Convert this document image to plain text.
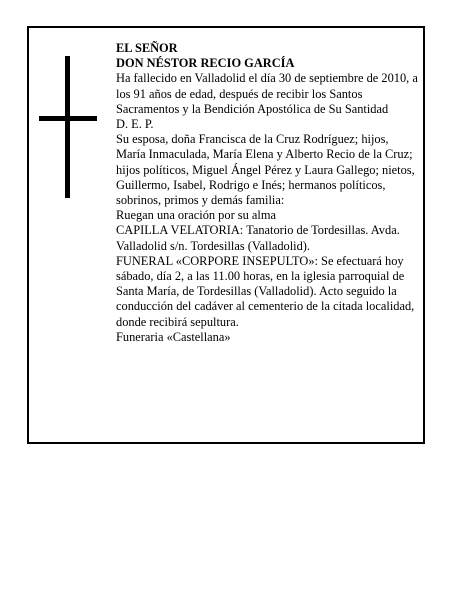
EL SEÑOR

DON NÉSTOR RECIO GARCÍA

Ha fallecido en Valladolid el día 30 de septiembre de 2010, a los 91 años de edad, después de recibir los Santos Sacramentos y la Bendición Apostólica de Su Santidad

D. E. P.

Su esposa, doña Francisca de la Cruz Rodríguez; hijos, María Inmaculada, María Elena y Alberto Recio de la Cruz; hijos políticos, Miguel Ángel Pérez y Laura Gallego; nietos, Guillermo, Isabel, Rodrigo e Inés; hermanos políticos, sobrinos, primos y demás familia:

Ruegan una oración por su alma

CAPILLA VELATORIA: Tanatorio de Tordesillas. Avda. Valladolid s/n. Tordesillas (Valladolid).

FUNERAL «CORPORE INSEPULTO»: Se efectuará hoy sábado, día 2, a las 11.00 horas, en la iglesia parroquial de Santa María, de Tordesillas (Valladolid). Acto seguido la conducción del cadáver al cementerio de la citada localidad, donde recibirá sepultura.

Funeraria «Castellana»
